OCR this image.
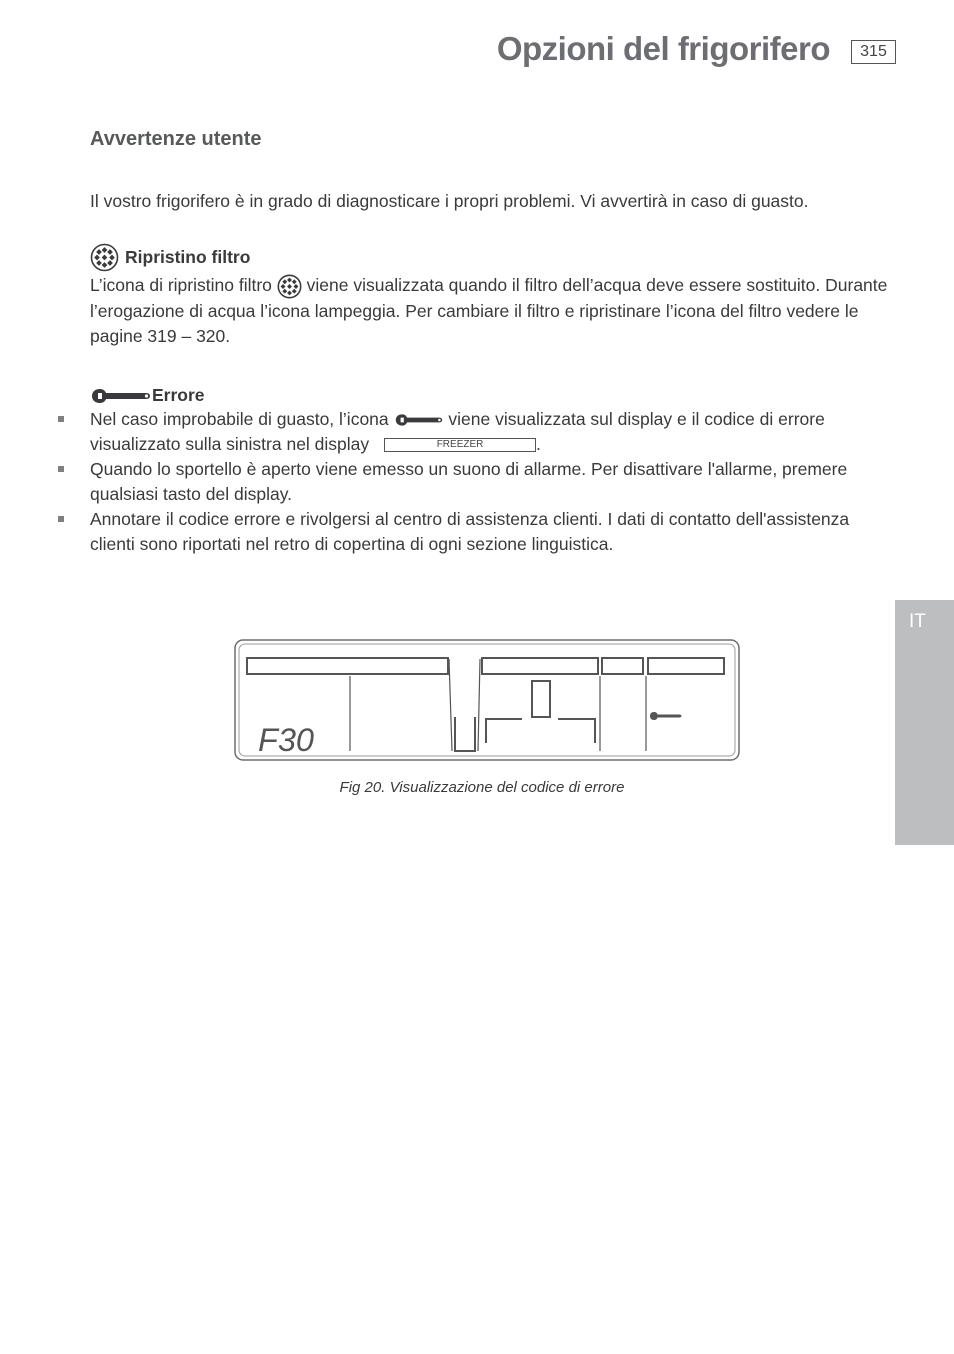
Opzioni del frigorifero	315
IT
Avvertenze utente
Il vostro frigorifero è in grado di diagnosticare i propri problemi. Vi avvertirà in caso di guasto.
Ripristino filtro
L’icona di ripristino filtro viene visualizzata quando il filtro dell’acqua deve essere sostituito. Durante l’erogazione di acqua l’icona lampeggia. Per cambiare il filtro e ripristinare l’icona del filtro vedere le pagine 319 – 320.
Errore
Nel caso improbabile di guasto, l’icona	viene visualizzata sul display e il codice di errore visualizzato sulla sinistra nel display	FREEZER	.
Quando lo sportello è aperto viene emesso un suono di allarme. Per disattivare l'allarme, premere qualsiasi tasto del display.
Annotare il codice errore e rivolgersi al centro di assistenza clienti. I dati di contatto dell'assistenza clienti sono riportati nel retro di copertina di ogni sezione linguistica.
F30
Fig 20. Visualizzazione del codice di errore
